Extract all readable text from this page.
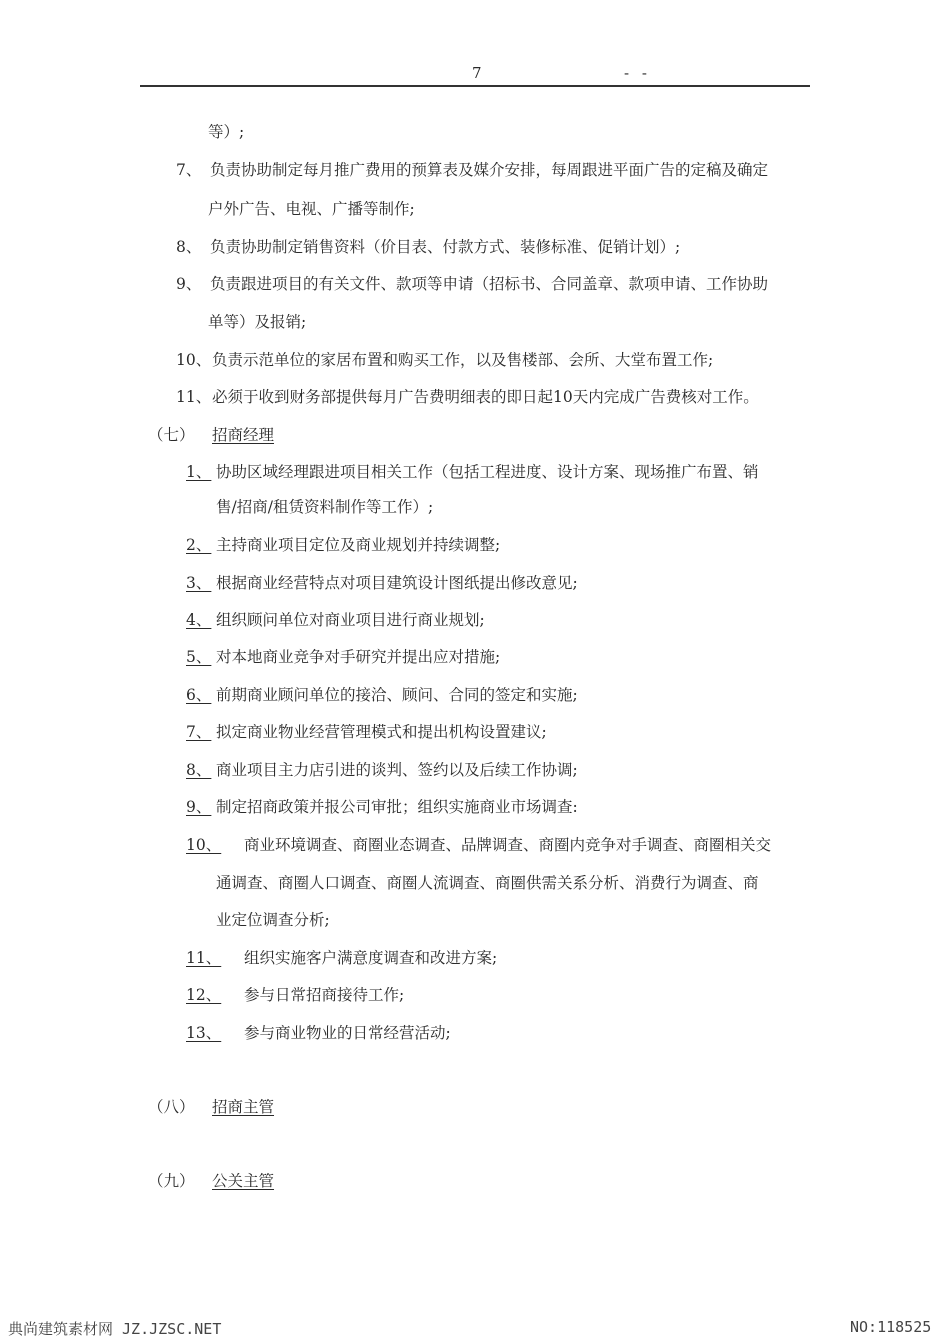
7	- -
等）;
7、 负责协助制定每月推广费用的预算表及媒介安排，每周跟进平面广告的定稿及确定
户外广告、电视、广播等制作;
8、 负责协助制定销售资料（价目表、付款方式、装修标准、促销计划）;
9、 负责跟进项目的有关文件、款项等申请（招标书、合同盖章、款项申请、工作协助
单等）及报销;
10、负责示范单位的家居布置和购买工作，以及售楼部、会所、大堂布置工作;
11、必须于收到财务部提供每月广告费明细表的即日起10天内完成广告费核对工作。
（七） 招商经理
1、 协助区域经理跟进项目相关工作（包括工程进度、设计方案、现场推广布置、销
售/招商/租赁资料制作等工作）;
2、 主持商业项目定位及商业规划并持续调整;
3、 根据商业经营特点对项目建筑设计图纸提出修改意见;
4、 组织顾问单位对商业项目进行商业规划;
5、 对本地商业竞争对手研究并提出应对措施;
6、 前期商业顾问单位的接洽、顾问、合同的签定和实施;
7、 拟定商业物业经营管理模式和提出机构设置建议;
8、 商业项目主力店引进的谈判、签约以及后续工作协调;
9、 制定招商政策并报公司审批；组织实施商业市场调查:
10、 商业环境调查、商圈业态调查、品牌调查、商圈内竞争对手调查、商圈相关交
通调查、商圈人口调查、商圈人流调查、商圈供需关系分析、消费行为调查、商
业定位调查分析;
11、 组织实施客户满意度调查和改进方案;
12、 参与日常招商接待工作;
13、 参与商业物业的日常经营活动;
（八） 招商主管
（九） 公关主管
典尚建筑素材网 JZ.JZSC.NET	NO:118525
